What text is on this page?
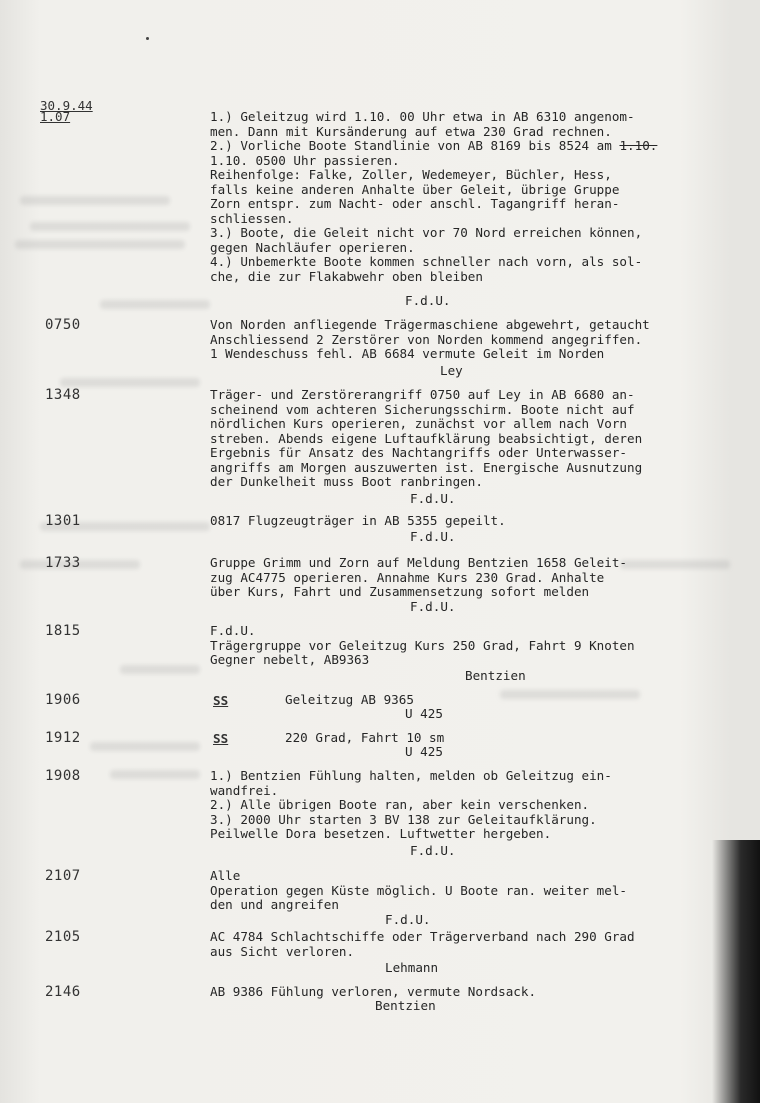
30.9.44
1.07	1.) Geleitzug wird 1.10. 00 Uhr etwa in AB 6310 angenom-
men. Dann mit Kursänderung auf etwa 230 Grad rechnen.
2.) Vorliche Boote Standlinie von AB 8169 bis 8524 am 1.10.
1.10. 0500 Uhr passieren.
Reihenfolge: Falke, Zoller, Wedemeyer, Büchler, Hess,
falls keine anderen Anhalte über Geleit, übrige Gruppe
Zorn entspr. zum Nacht- oder anschl. Tagangriff heran-
schliessen.
3.) Boote, die Geleit nicht vor 70 Nord erreichen können,
gegen Nachläufer operieren.
4.) Unbemerkte Boote kommen schneller nach vorn, als sol-
che, die zur Flakabwehr oben bleiben
F.d.U.
0750	Von Norden anfliegende Trägermaschiene abgewehrt, getaucht
Anschliessend 2 Zerstörer von Norden kommend angegriffen.
1 Wendeschuss fehl. AB 6684 vermute Geleit im Norden
Ley
1348	Träger- und Zerstörerangriff 0750 auf Ley in AB 6680 an-
scheinend vom achteren Sicherungsschirm. Boote nicht auf
nördlichen Kurs operieren, zunächst vor allem nach Vorn
streben. Abends eigene Luftaufklärung beabsichtigt, deren
Ergebnis für Ansatz des Nachtangriffs oder Unterwasser-
angriffs am Morgen auszuwerten ist. Energische Ausnutzung
der Dunkelheit muss Boot ranbringen.
F.d.U.
1301	0817 Flugzeugträger in AB 5355 gepeilt.
F.d.U.
1733	Gruppe Grimm und Zorn auf Meldung Bentzien 1658 Geleit-
zug AC4775 operieren. Annahme Kurs 230 Grad. Anhalte
über Kurs, Fahrt und Zusammensetzung sofort melden
F.d.U.
1815	F.d.U.
Trägergruppe vor Geleitzug Kurs 250 Grad, Fahrt 9 Knoten
Gegner nebelt, AB9363
Bentzien
1906	SS	Geleitzug AB 9365
U 425
1912	SS	220 Grad, Fahrt 10 sm
U 425
1908	1.) Bentzien Fühlung halten, melden ob Geleitzug ein-
wandfrei.
2.) Alle übrigen Boote ran, aber kein verschenken.
3.) 2000 Uhr starten 3 BV 138 zur Geleitaufklärung.
Peilwelle Dora besetzen. Luftwetter hergeben.
F.d.U.
2107	Alle
Operation gegen Küste möglich. U Boote ran. weiter mel-
den und angreifen
F.d.U.
2105	AC 4784 Schlachtschiffe oder Trägerverband nach 290 Grad
aus Sicht verloren.
Lehmann
2146	AB 9386 Fühlung verloren, vermute Nordsack.
Bentzien
